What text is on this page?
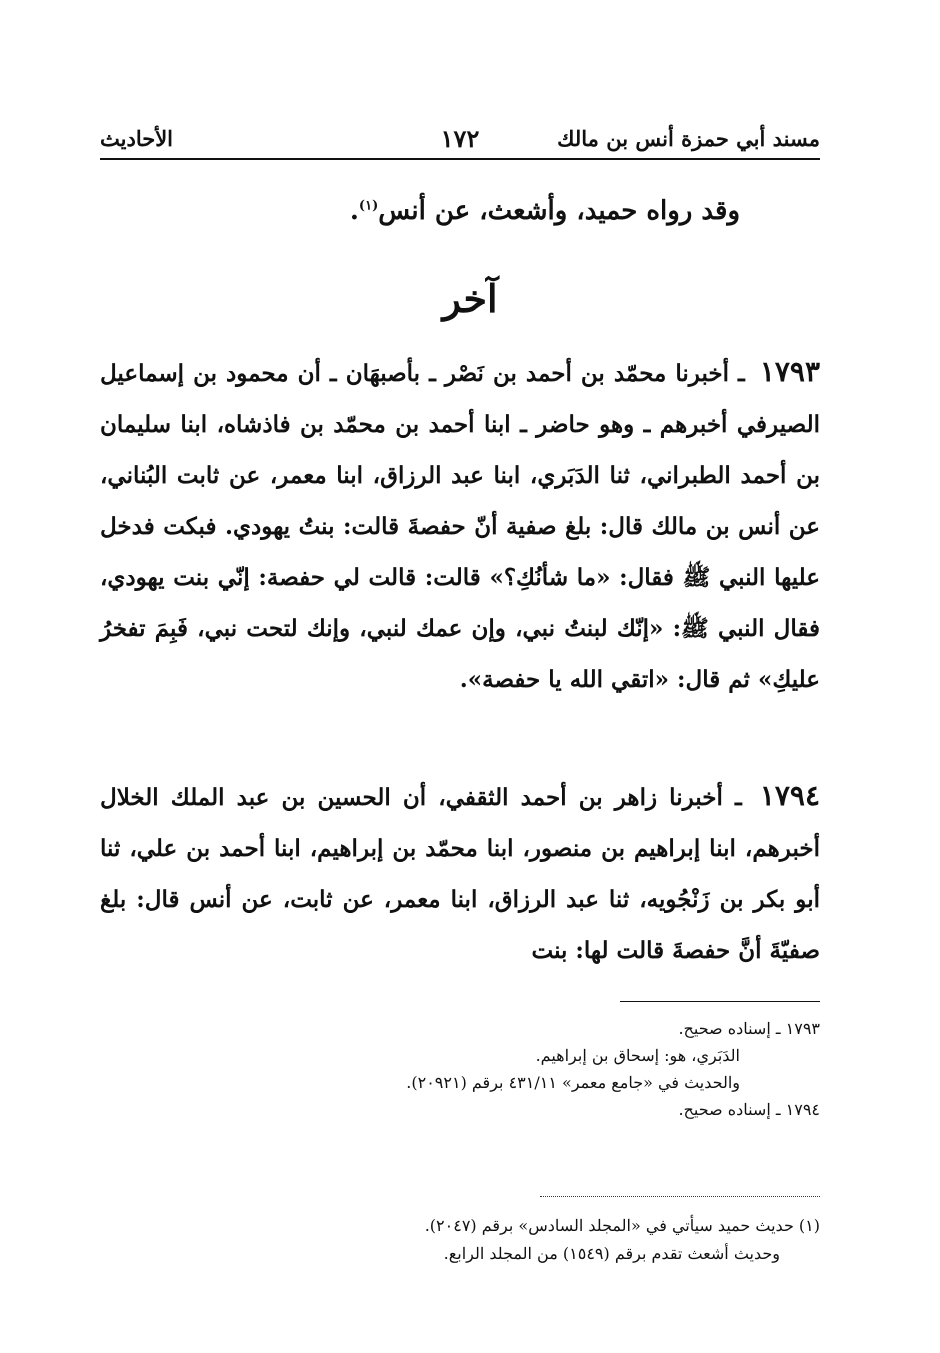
مسند أبي حمزة أنس بن مالك
١٧٢
الأحاديث
وقد رواه حميد، وأشعث، عن أنس$^{(١)}$.
آخر
١٧٩٣ ـ أخبرنا محمّد بن أحمد بن نَصْر ـ بأصبهَان ـ أن محمود بن إسماعيل الصيرفي أخبرهم ـ وهو حاضر ـ ابنا أحمد بن محمّد بن فاذشاه، ابنا سليمان بن أحمد الطبراني، ثنا الدَبَري، ابنا عبد الرزاق، ابنا معمر، عن ثابت البُناني، عن أنس بن مالك قال: بلغ صفية أنّ حفصةَ قالت: بنتُ يهودي. فبكت فدخل عليها النبي ﷺ فقال: «ما شأنُكِ؟» قالت: قالت لي حفصة: إنّي بنت يهودي، فقال النبي ﷺ: «إنّك لبنتُ نبي، وإن عمك لنبي، وإنك لتحت نبي، فَبِمَ تفخرُ عليكِ» ثم قال: «اتقي الله يا حفصة».
١٧٩٤ ـ أخبرنا زاهر بن أحمد الثقفي، أن الحسين بن عبد الملك الخلال أخبرهم، ابنا إبراهيم بن منصور، ابنا محمّد بن إبراهيم، ابنا أحمد بن علي، ثنا أبو بكر بن زَنْجُويه، ثنا عبد الرزاق، ابنا معمر، عن ثابت، عن أنس قال: بلغ صفيّةَ أنَّ حفصةَ قالت لها: بنت
١٧٩٣ ـ إسناده صحيح.
الدَبَري، هو: إسحاق بن إبراهيم.
والحديث في «جامع معمر» ٤٣١/١١ برقم (٢٠٩٢١).
١٧٩٤ ـ إسناده صحيح.
(١) حديث حميد سيأتي في «المجلد السادس» برقم (٢٠٤٧).
وحديث أشعث تقدم برقم (١٥٤٩) من المجلد الرابع.
